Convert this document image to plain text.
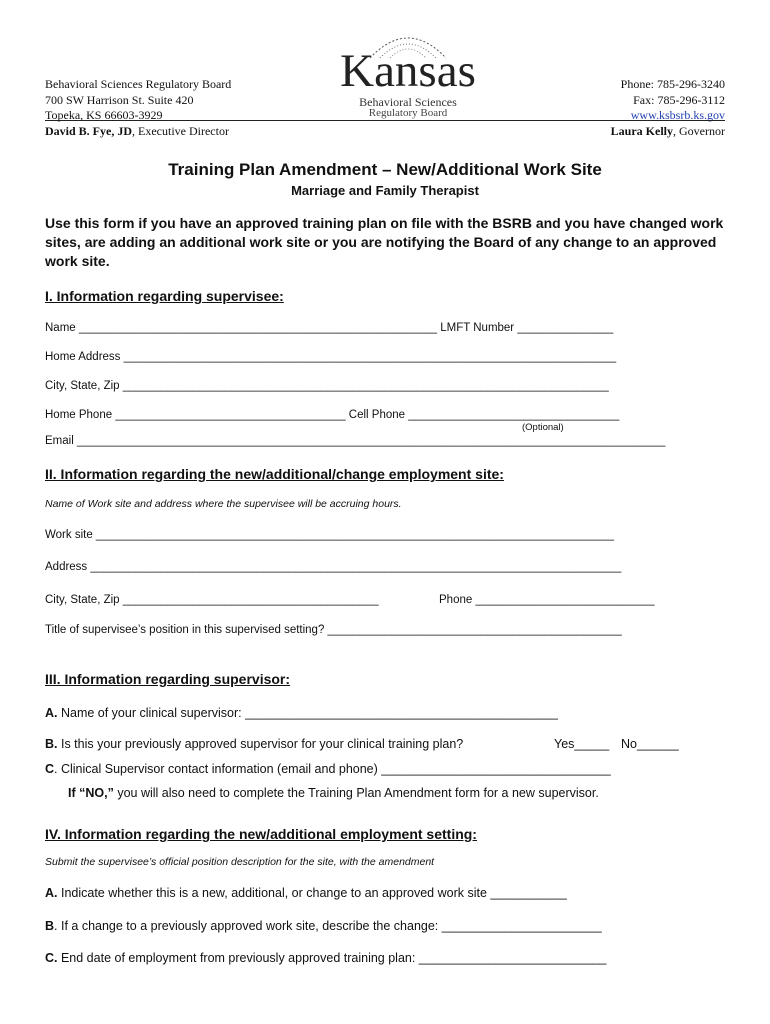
Behavioral Sciences Regulatory Board
700 SW Harrison St. Suite 420
Topeka, KS 66603-3929
David B. Fye, JD, Executive Director
Kansas
Behavioral Sciences
Regulatory Board
Phone: 785-296-3240
Fax: 785-296-3112
www.ksbsrb.ks.gov
Laura Kelly, Governor
Training Plan Amendment – New/Additional Work Site
Marriage and Family Therapist
Use this form if you have an approved training plan on file with the BSRB and you have changed work sites, are adding an additional work site or you are notifying the Board of any change to an approved work site.
I. Information regarding supervisee:
Name ________________________________________________________ LMFT Number _______________
Home Address _____________________________________________________________________________
City, State, Zip ____________________________________________________________________________
Home Phone ____________________________________ Cell Phone _________________________________
(Optional)
Email ____________________________________________________________________________________________
II. Information regarding the new/additional/change employment site:
Name of Work site and address where the supervisee will be accruing hours.
Work site _________________________________________________________________________________
Address ___________________________________________________________________________________
City, State, Zip ________________________________________	Phone ____________________________
Title of supervisee’s position in this supervised setting? ______________________________________________
III. Information regarding supervisor:
A. Name of your clinical supervisor: _____________________________________________
B. Is this your previously approved supervisor for your clinical training plan?	Yes_____ No______
C. Clinical Supervisor contact information (email and phone) _________________________________
If “NO,” you will also need to complete the Training Plan Amendment form for a new supervisor.
IV. Information regarding the new/additional employment setting:
Submit the supervisee’s official position description for the site, with the amendment
A. Indicate whether this is a new, additional, or change to an approved work site ___________
B. If a change to a previously approved work site, describe the change: _______________________
C. End date of employment from previously approved training plan: ___________________________
